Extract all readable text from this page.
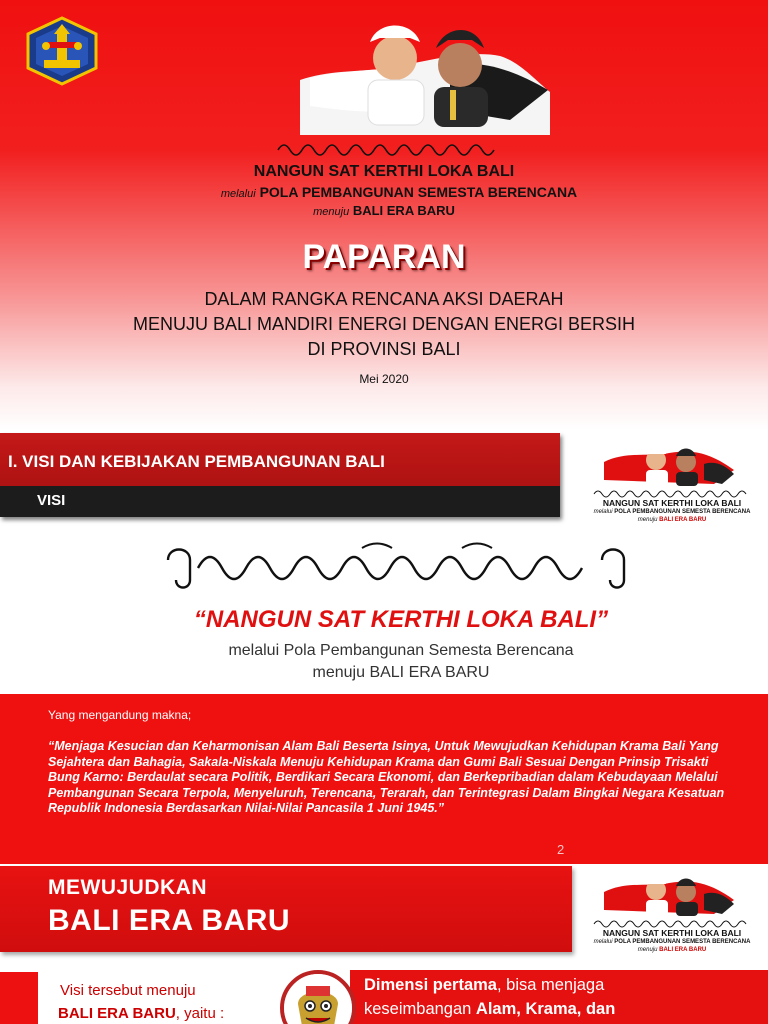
NANGUN SAT KERTHI LOKA BALI
melalui POLA PEMBANGUNAN SEMESTA BERENCANA
menuju BALI ERA BARU
PAPARAN
DALAM RANGKA RENCANA AKSI DAERAH
MENUJU BALI MANDIRI ENERGI DENGAN ENERGI BERSIH
DI PROVINSI BALI
Mei 2020
I. VISI DAN KEBIJAKAN PEMBANGUNAN BALI
VISI	NANGUN SAT KERTHI LOKA BALI
melalui POLA PEMBANGUNAN SEMESTA BERENCANA
menuju BALI ERA BARU
“NANGUN SAT KERTHI LOKA BALI”
melalui Pola Pembangunan Semesta Berencana
menuju BALI ERA BARU
Yang mengandung makna;
“Menjaga Kesucian dan Keharmonisan Alam Bali Beserta Isinya, Untuk Mewujudkan Kehidupan Krama Bali Yang Sejahtera dan Bahagia, Sakala-Niskala Menuju Kehidupan Krama dan Gumi Bali Sesuai Dengan Prinsip Trisakti Bung Karno: Berdaulat secara Politik, Berdikari Secara Ekonomi, dan Berkepribadian dalam Kebudayaan Melalui Pembangunan Secara Terpola, Menyeluruh, Terencana, Terarah, dan Terintegrasi Dalam Bingkai Negara Kesatuan Republik Indonesia Berdasarkan Nilai-Nilai Pancasila 1 Juni 1945.”
2
MEWUJUDKAN
BALI ERA BARU	NANGUN SAT KERTHI LOKA BALI
melalui POLA PEMBANGUNAN SEMESTA BERENCANA
menuju BALI ERA BARU
Visi tersebut menuju
BALI ERA BARU, yaitu :
Dimensi pertama, bisa menjaga
keseimbangan Alam, Krama, dan
